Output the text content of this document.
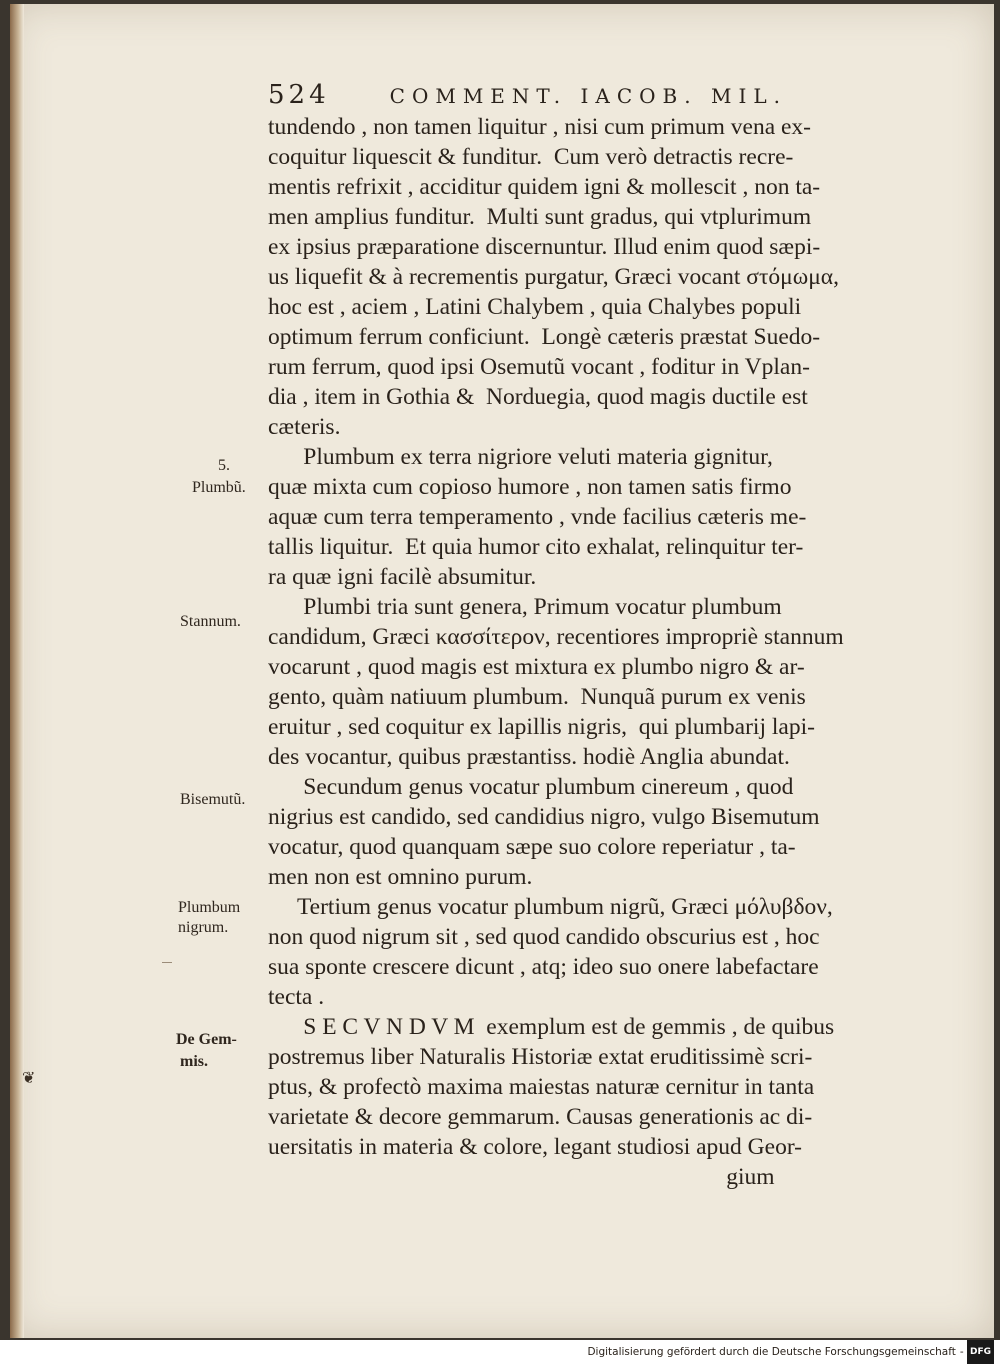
524	COMMENT. IACOB. MIL.
5.
Plumbũ.
Stannum.
Bisemutũ.
Plumbum
nigrum.
De Gem-
mis.
❦
tundendo , non tamen liquitur , nisi cum primum vena ex-
coquitur liquescit & funditur.  Cum verò detractis recre-
mentis refrixit , acciditur quidem igni & mollescit , non ta-
men amplius funditur.  Multi sunt gradus, qui vtplurimum
ex ipsius præparatione discernuntur. Illud enim quod sæpi-
us liquefit & à recrementis purgatur, Græci vocant στόμωμα,
hoc est , aciem , Latini Chalybem , quia Chalybes populi
optimum ferrum conficiunt.  Longè cæteris præstat Suedo-
rum ferrum, quod ipsi Osemutũ vocant , foditur in Vplan-
dia , item in Gothia &  Norduegia, quod magis ductile est
cæteris.
Plumbum ex terra nigriore veluti materia gignitur,
quæ mixta cum copioso humore , non tamen satis firmo
aquæ cum terra temperamento , vnde facilius cæteris me-
tallis liquitur.  Et quia humor cito exhalat, relinquitur ter-
ra quæ igni facilè absumitur.
Plumbi tria sunt genera, Primum vocatur plumbum
candidum, Græci κασσίτερον, recentiores impropriè stannum
vocarunt , quod magis est mixtura ex plumbo nigro & ar-
gento, quàm natiuum plumbum.  Nunquã purum ex venis
eruitur , sed coquitur ex lapillis nigris,  qui plumbarij lapi-
des vocantur, quibus præstantiss. hodiè Anglia abundat.
Secundum genus vocatur plumbum cinereum , quod
nigrius est candido, sed candidius nigro, vulgo Bisemutum
vocatur, quod quanquam sæpe suo colore reperiatur , ta-
men non est omnino purum.
Tertium genus vocatur plumbum nigrũ, Græci μόλυβδον,
non quod nigrum sit , sed quod candido obscurius est , hoc
sua sponte crescere dicunt , atq; ideo suo onere labefactare
tecta .
S E C V N D V M  exemplum est de gemmis , de quibus
postremus liber Naturalis Historiæ extat eruditissimè scri-
ptus, & profectò maxima maiestas naturæ cernitur in tanta
varietate & decore gemmarum. Causas generationis ac di-
uersitatis in materia & colore, legant studiosi apud Geor-
gium
Digitalisierung gefördert durch die Deutsche Forschungsgemeinschaft - DFG
